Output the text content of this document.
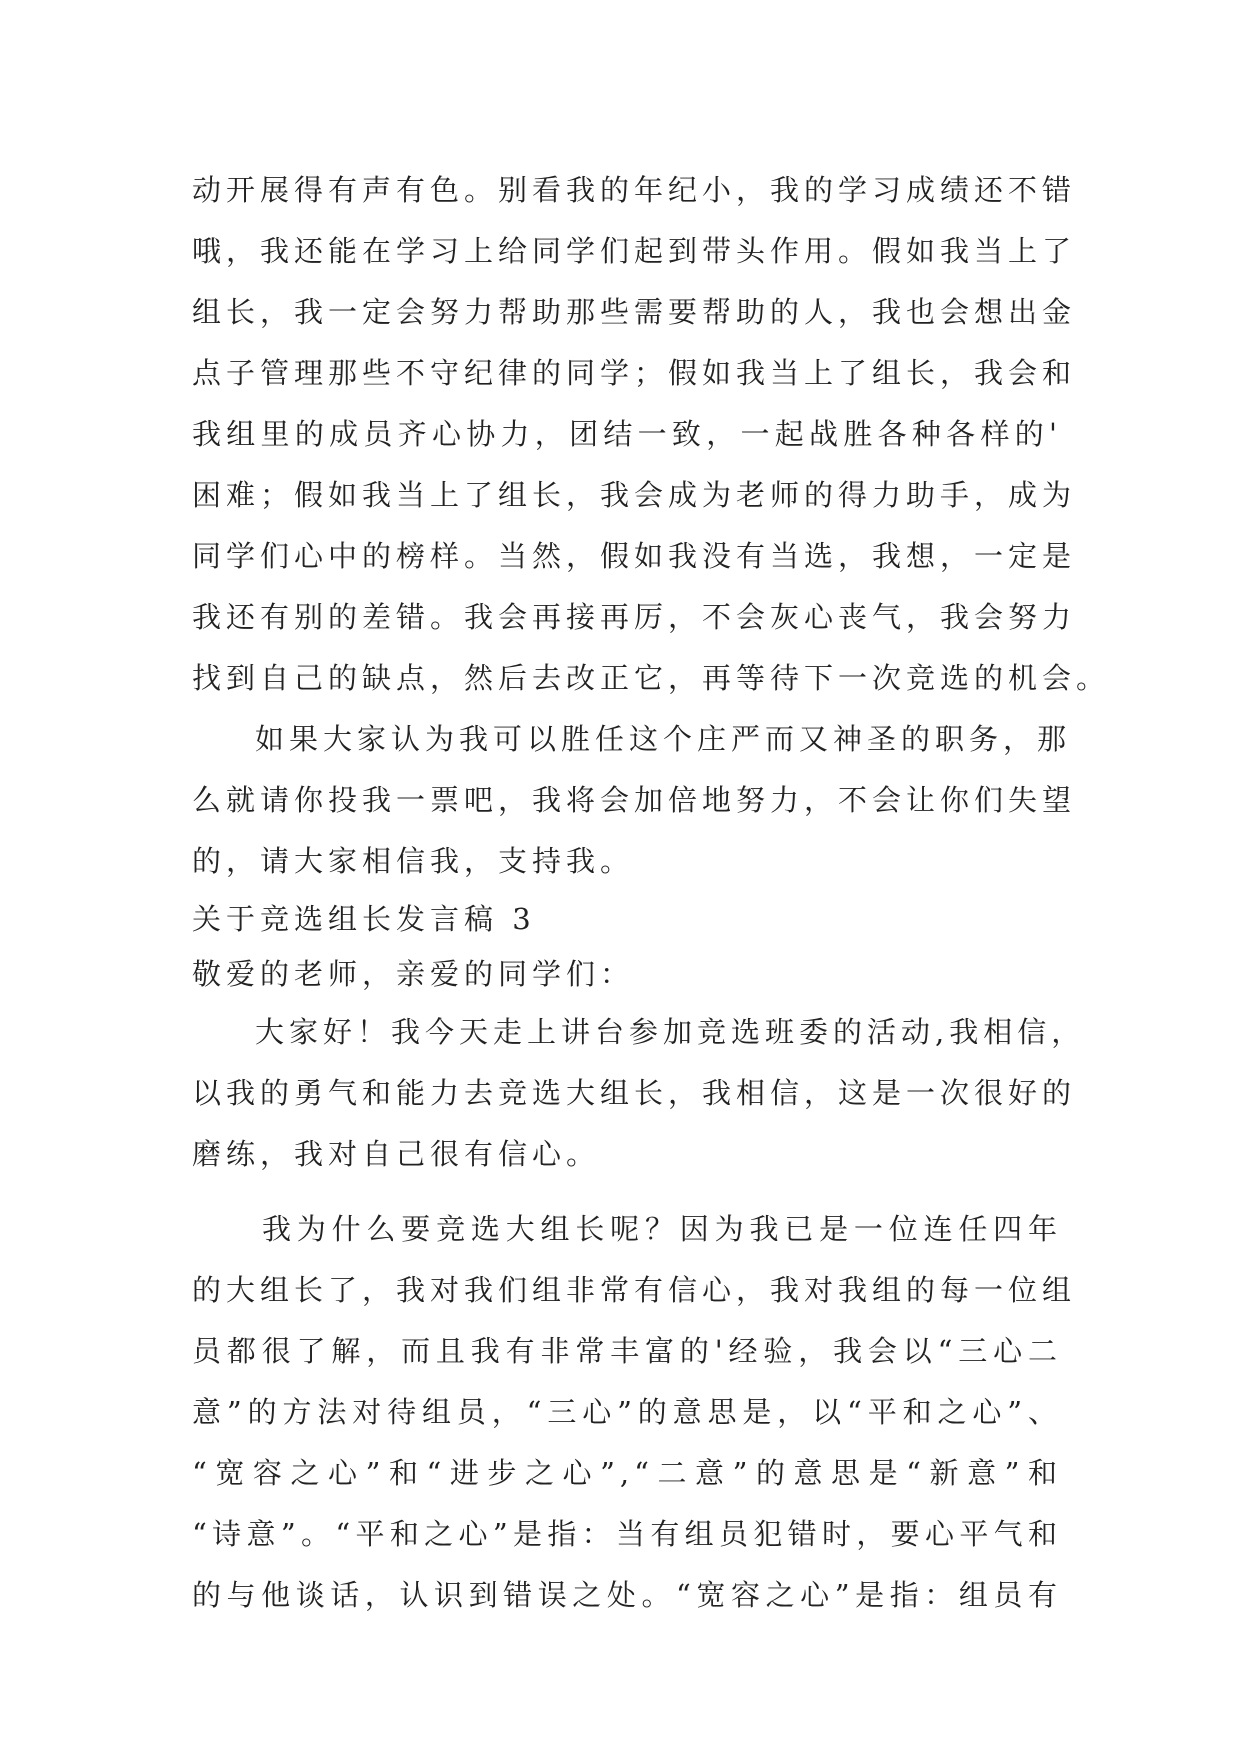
动开展得有声有色。别看我的年纪小，我的学习成绩还不错
哦，我还能在学习上给同学们起到带头作用。假如我当上了
组长，我一定会努力帮助那些需要帮助的人，我也会想出金
点子管理那些不守纪律的同学；假如我当上了组长，我会和
我组里的成员齐心协力，团结一致，一起战胜各种各样的'
困难；假如我当上了组长，我会成为老师的得力助手，成为
同学们心中的榜样。当然，假如我没有当选，我想，一定是
我还有别的差错。我会再接再厉，不会灰心丧气，我会努力
找到自己的缺点，然后去改正它，再等待下一次竞选的机会。
如果大家认为我可以胜任这个庄严而又神圣的职务，那
么就请你投我一票吧，我将会加倍地努力，不会让你们失望
的，请大家相信我，支持我。
关于竞选组长发言稿 3
敬爱的老师，亲爱的同学们：
大家好！我今天走上讲台参加竞选班委的活动,我相信，
以我的勇气和能力去竞选大组长，我相信，这是一次很好的
磨练，我对自己很有信心。
我为什么要竞选大组长呢？因为我已是一位连任四年
的大组长了，我对我们组非常有信心，我对我组的每一位组
员都很了解，而且我有非常丰富的'经验，我会以“三心二
意”的方法对待组员，“三心”的意思是，以“平和之心”、
“宽容之心”和“进步之心”,“二意”的意思是“新意”和
“诗意”。“平和之心”是指：当有组员犯错时，要心平气和
的与他谈话，认识到错误之处。“宽容之心”是指：组员有
